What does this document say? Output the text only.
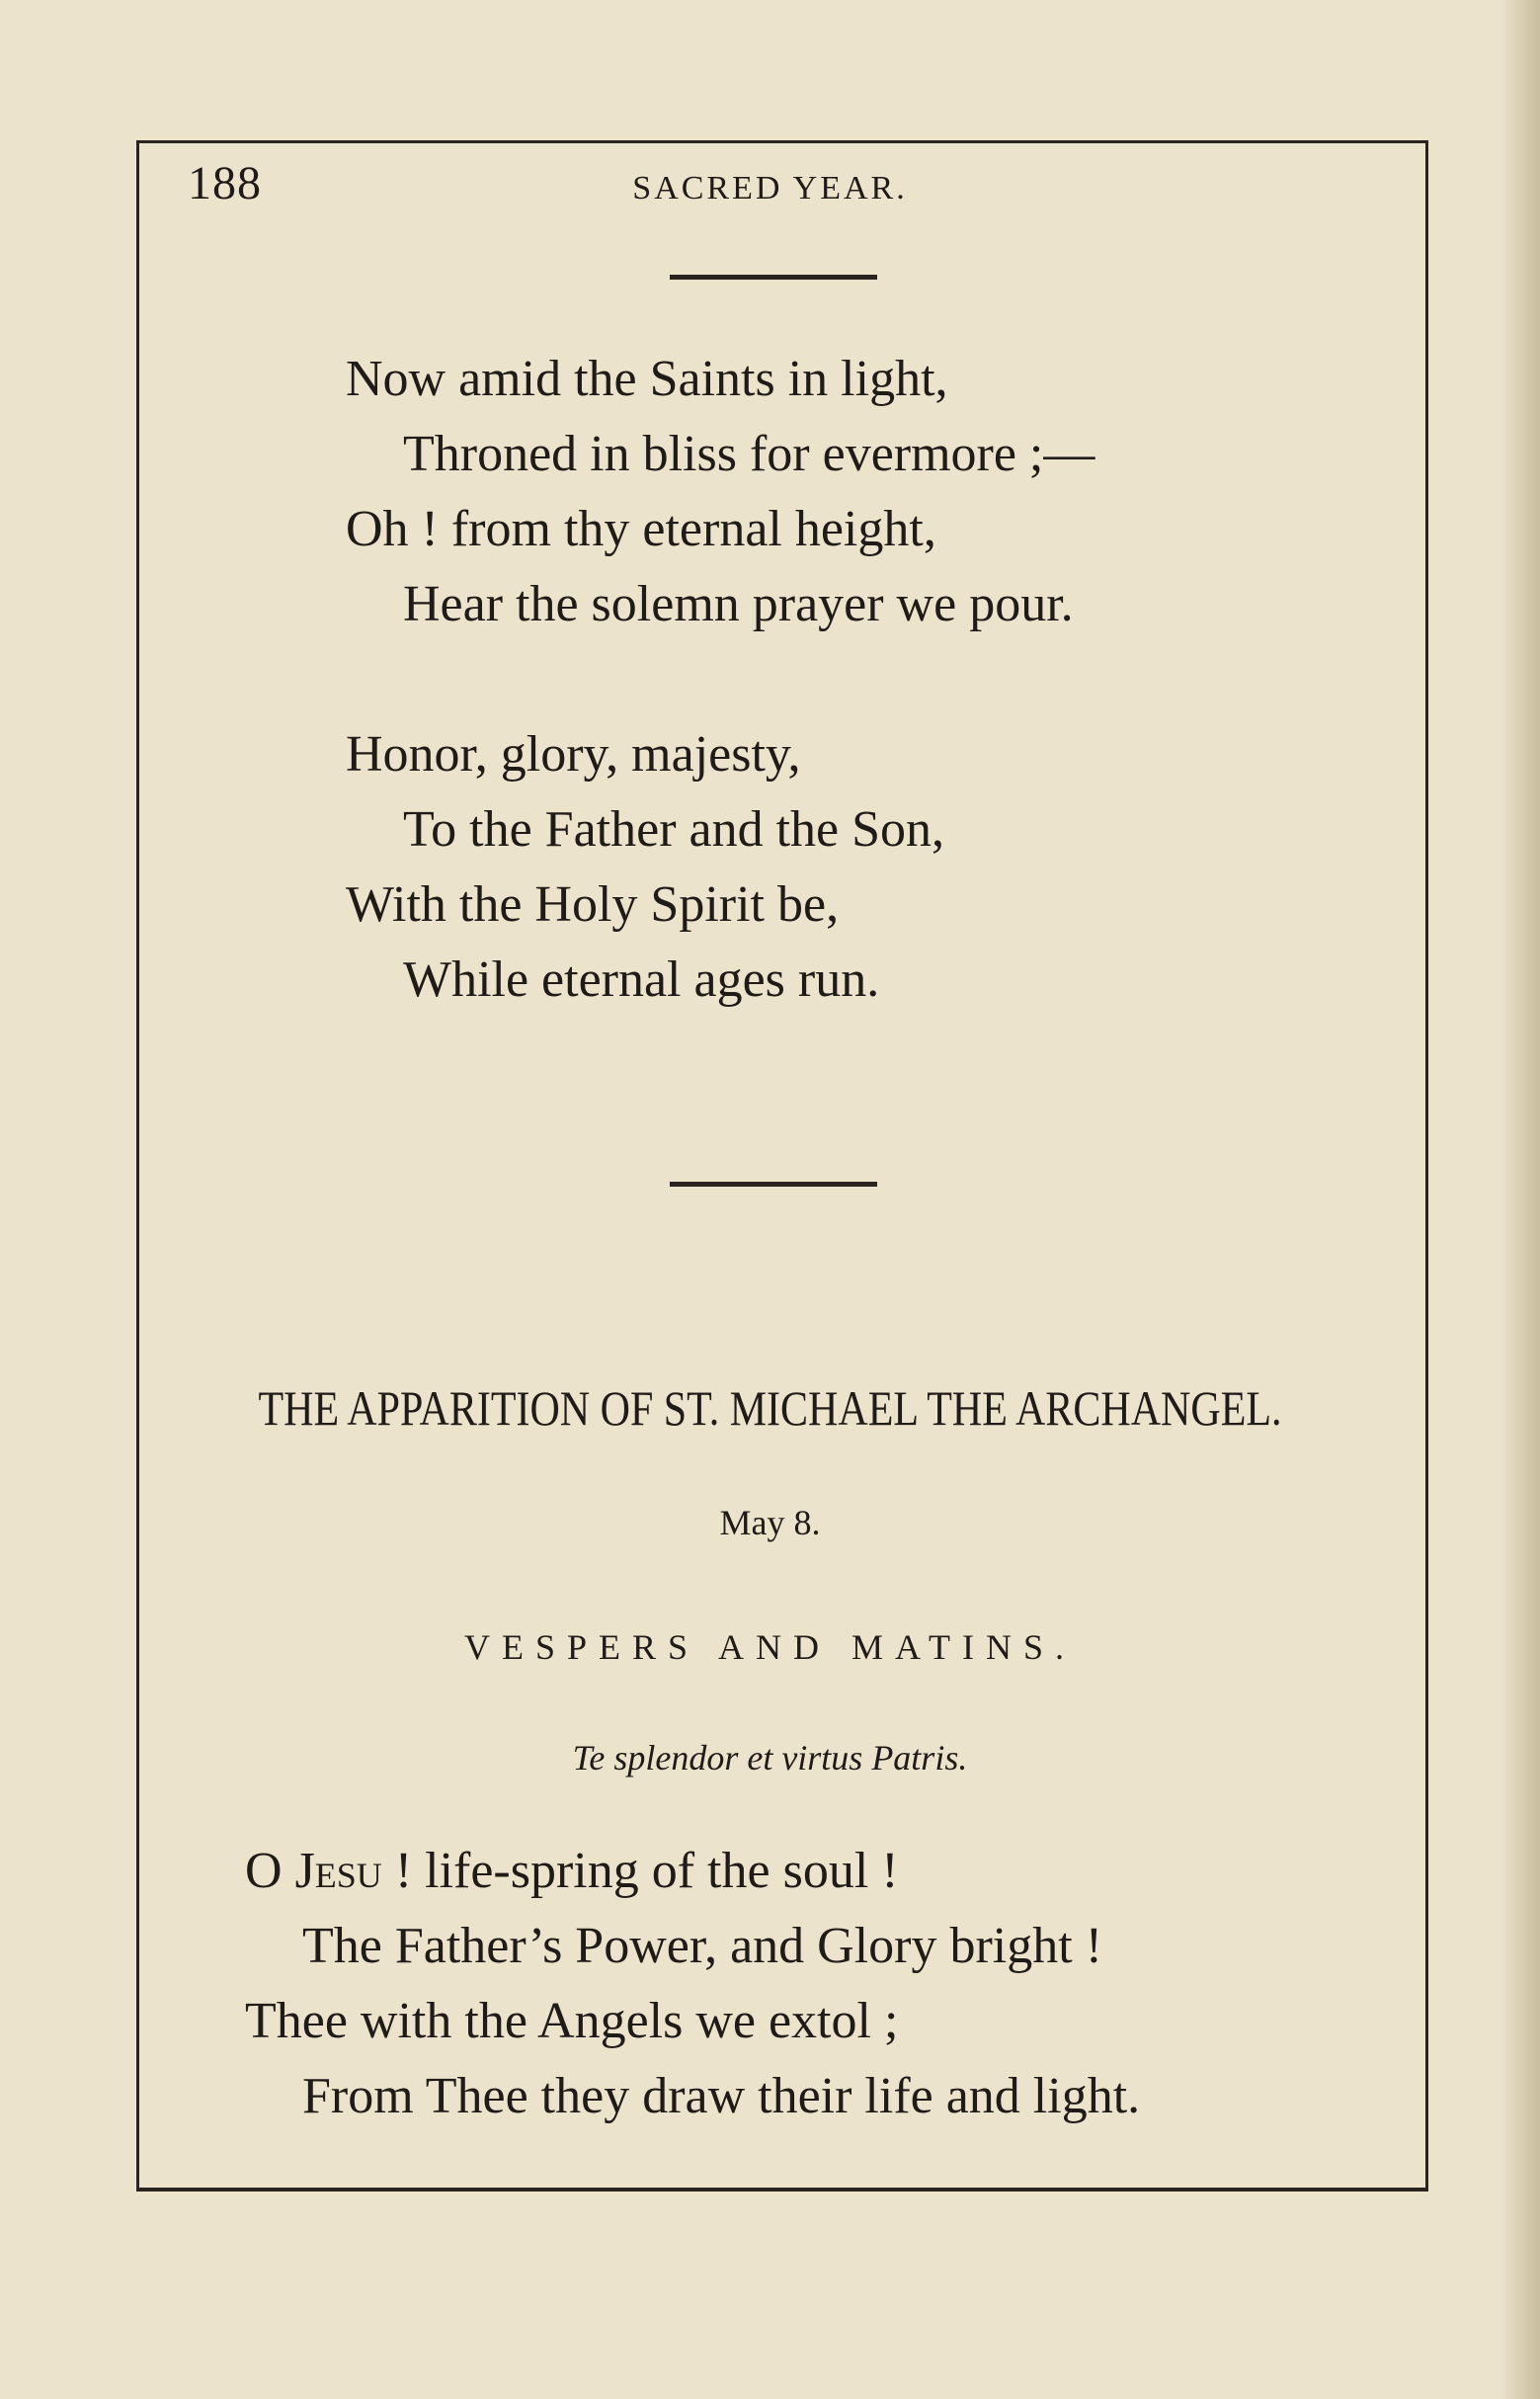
188	SACRED YEAR.
Now amid the Saints in light,
Throned in bliss for evermore ;—
Oh ! from thy eternal height,
Hear the solemn prayer we pour.
Honor, glory, majesty,
To the Father and the Son,
With the Holy Spirit be,
While eternal ages run.
THE APPARITION OF ST. MICHAEL THE ARCHANGEL.
May 8.
VESPERS AND MATINS.
Te splendor et virtus Patris.
O Jesu ! life-spring of the soul !
The Father’s Power, and Glory bright !
Thee with the Angels we extol ;
From Thee they draw their life and light.
